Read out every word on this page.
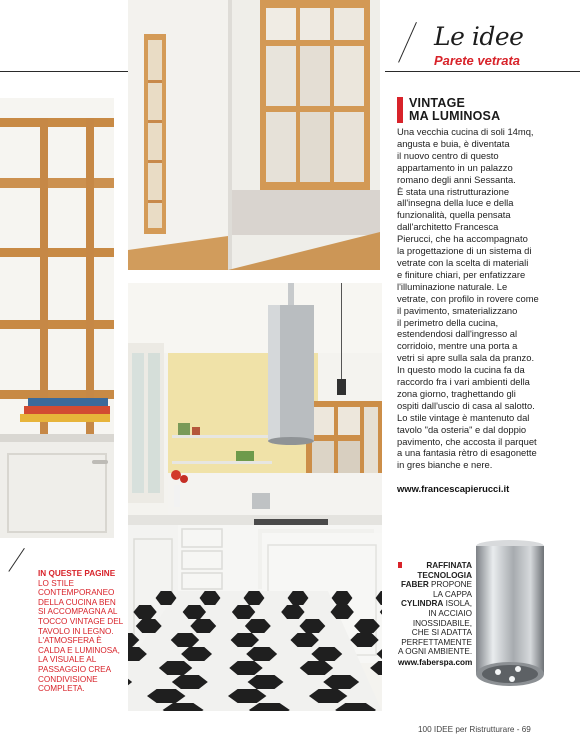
Le idee
Parete vetrata
VINTAGE
MA LUMINOSA
Una vecchia cucina di soli 14mq,
angusta e buia, è diventata
il nuovo centro di questo
appartamento in un palazzo
romano degli anni Sessanta.
È stata una ristrutturazione
all'insegna della luce e della
funzionalità, quella pensata
dall'architetto Francesca
Pierucci, che ha accompagnato
la progettazione di un sistema di
vetrate con la scelta di materiali
e finiture chiari, per enfatizzare
l'illuminazione naturale. Le
vetrate, con profilo in rovere come
il pavimento, smaterializzano
il perimetro della cucina,
estendendosi dall'ingresso al
corridoio, mentre una porta a
vetri si apre sulla sala da pranzo.
In questo modo la cucina fa da
raccordo fra i vari ambienti della
zona giorno, traghettando gli
ospiti dall'uscio di casa al salotto.
Lo stile vintage è mantenuto dal
tavolo "da osteria" e dal doppio
pavimento, che accosta il parquet
a una fantasia rètro di esagonette
in gres bianche e nere.
www.francescapierucci.it
IN QUESTE PAGINE
LO STILE
CONTEMPORANEO
DELLA CUCINA BEN
SI ACCOMPAGNA AL
TOCCO VINTAGE DEL
TAVOLO IN LEGNO.
L'ATMOSFERA È
CALDA E LUMINOSA,
LA VISUALE AL
PASSAGGIO CREA
CONDIVISIONE
COMPLETA.
RAFFINATA
TECNOLOGIA
FABER PROPONE
LA CAPPA
CYLINDRA ISOLA,
IN ACCIAIO
INOSSIDABILE,
CHE SI ADATTA
PERFETTAMENTE
A OGNI AMBIENTE.
www.faberspa.com
100 IDEE per Ristrutturare - 69
